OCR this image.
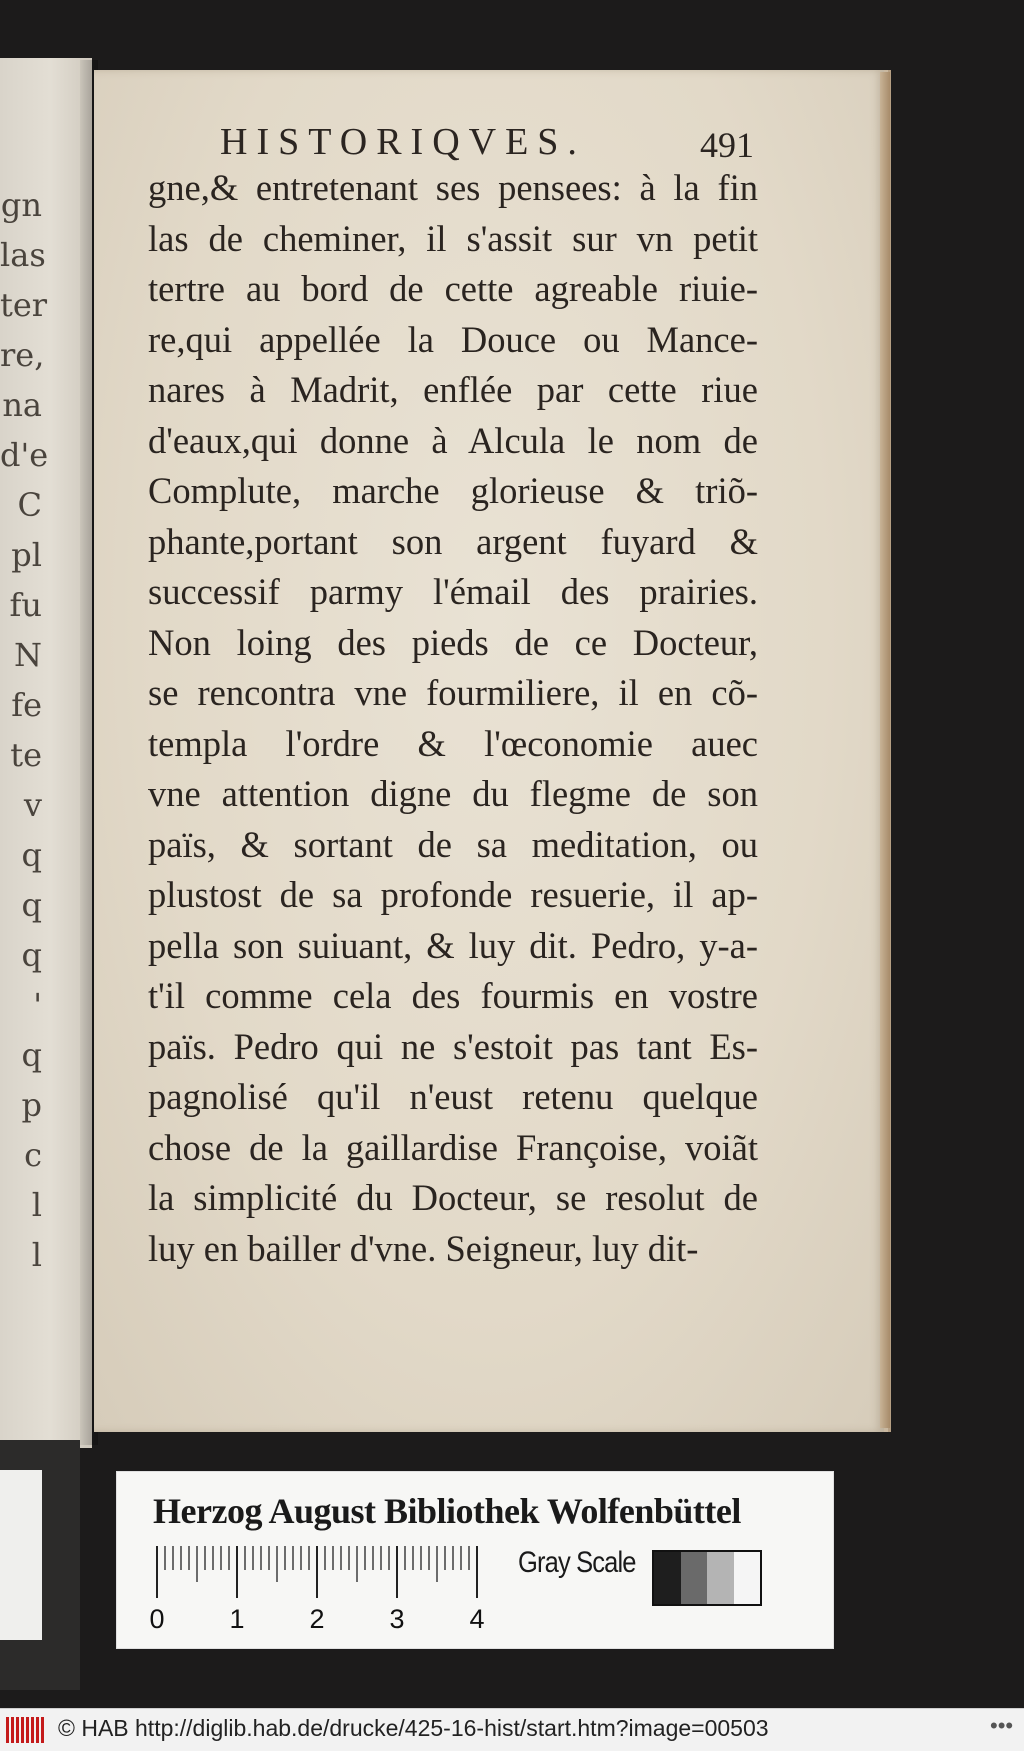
gn
las
ter
re,
na
d'e
C
pl
fu
N
fe
te
v
q
q
q
'
q
p
c
l
l
HISTORIQVES.	491
gne,& entretenant ses pensees: à la fin
las de cheminer, il s'assit sur vn petit
tertre au bord de cette agreable riuie-
re,qui appellée la Douce ou Mance-
nares à Madrit, enflée par cette riue
d'eaux,qui donne à Alcula le nom de
Complute, marche glorieuse & triõ-
phante,portant son argent fuyard &
successif parmy l'émail des prairies.
Non loing des pieds de ce Docteur,
se rencontra vne fourmiliere, il en cõ-
templa l'ordre & l'œconomie auec
vne attention digne du flegme de son
païs, & sortant de sa meditation, ou
plustost de sa profonde resuerie, il ap-
pella son suiuant, & luy dit. Pedro, y-a-
t'il comme cela des fourmis en vostre
païs. Pedro qui ne s'estoit pas tant Es-
pagnolisé qu'il n'eust retenu quelque
chose de la gaillardise Françoise, voiãt
la simplicité du Docteur, se resolut de
luy en bailler d'vne. Seigneur, luy dit-
Herzog August Bibliothek Wolfenbüttel
0 1 2 3 4
Gray Scale
© HAB http://diglib.hab.de/drucke/425-16-hist/start.htm?image=00503	•••
